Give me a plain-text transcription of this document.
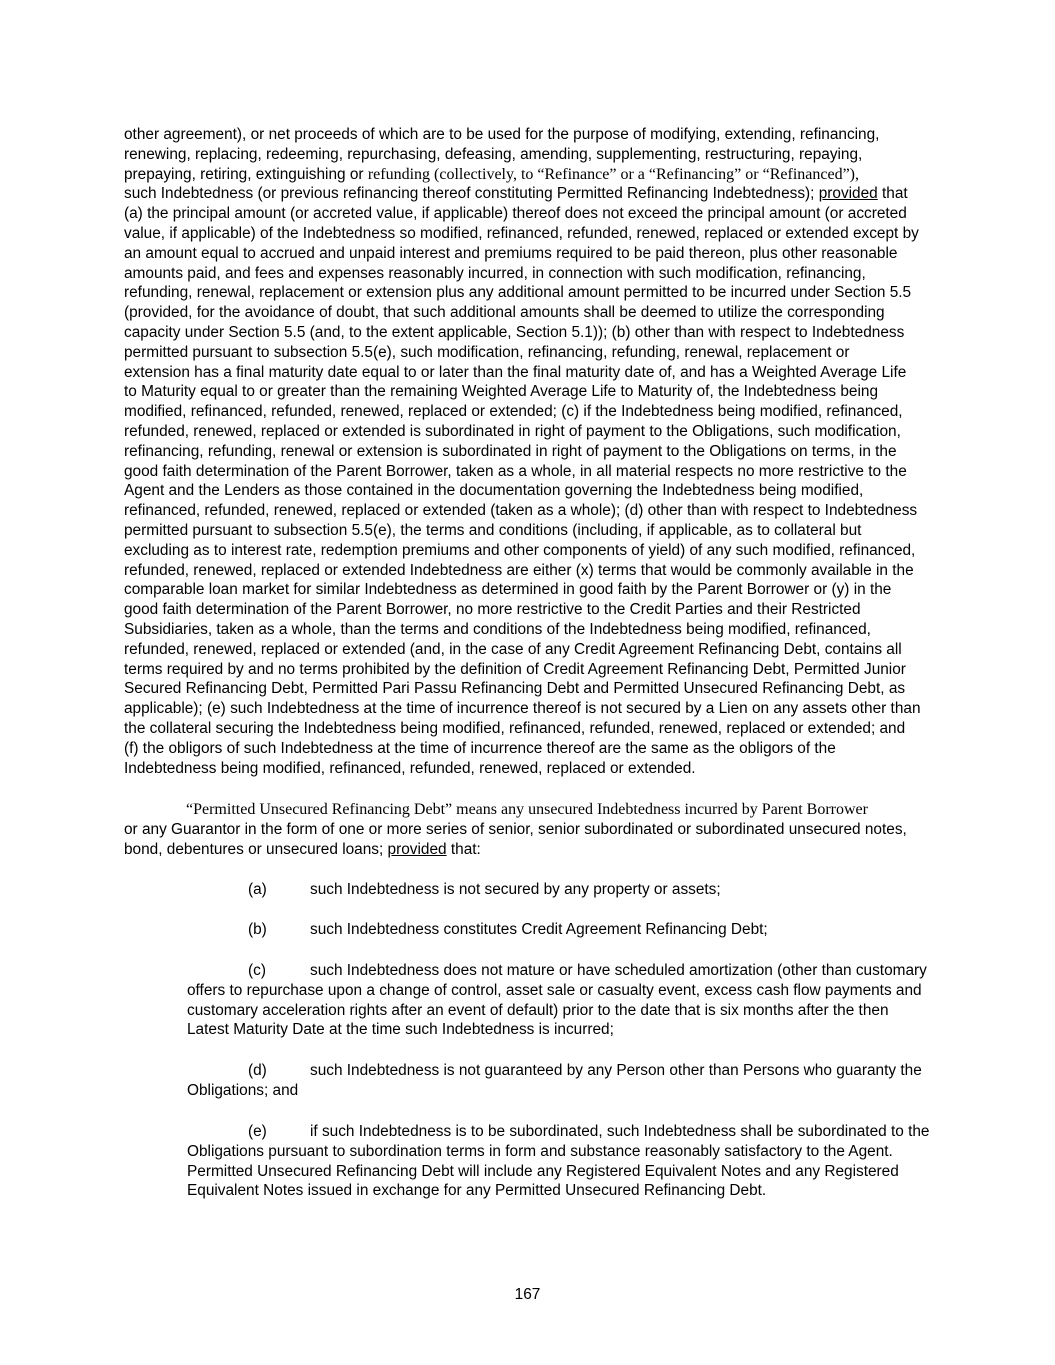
other agreement), or net proceeds of which are to be used for the purpose of modifying, extending, refinancing,
renewing, replacing, redeeming, repurchasing, defeasing, amending, supplementing, restructuring, repaying,
prepaying, retiring, extinguishing or refunding (collectively, to “Refinance” or a “Refinancing” or “Refinanced”),
such Indebtedness (or previous refinancing thereof constituting Permitted Refinancing Indebtedness); provided that
(a) the principal amount (or accreted value, if applicable) thereof does not exceed the principal amount (or accreted
value, if applicable) of the Indebtedness so modified, refinanced, refunded, renewed, replaced or extended except by
an amount equal to accrued and unpaid interest and premiums required to be paid thereon, plus other reasonable
amounts paid, and fees and expenses reasonably incurred, in connection with such modification, refinancing,
refunding, renewal, replacement or extension plus any additional amount permitted to be incurred under Section 5.5
(provided, for the avoidance of doubt, that such additional amounts shall be deemed to utilize the corresponding
capacity under Section 5.5 (and, to the extent applicable, Section 5.1)); (b) other than with respect to Indebtedness
permitted pursuant to subsection 5.5(e), such modification, refinancing, refunding, renewal, replacement or
extension has a final maturity date equal to or later than the final maturity date of, and has a Weighted Average Life
to Maturity equal to or greater than the remaining Weighted Average Life to Maturity of, the Indebtedness being
modified, refinanced, refunded, renewed, replaced or extended; (c) if the Indebtedness being modified, refinanced,
refunded, renewed, replaced or extended is subordinated in right of payment to the Obligations, such modification,
refinancing, refunding, renewal or extension is subordinated in right of payment to the Obligations on terms, in the
good faith determination of the Parent Borrower, taken as a whole, in all material respects no more restrictive to the
Agent and the Lenders as those contained in the documentation governing the Indebtedness being modified,
refinanced, refunded, renewed, replaced or extended (taken as a whole); (d) other than with respect to Indebtedness
permitted pursuant to subsection 5.5(e), the terms and conditions (including, if applicable, as to collateral but
excluding as to interest rate, redemption premiums and other components of yield) of any such modified, refinanced,
refunded, renewed, replaced or extended Indebtedness are either (x) terms that would be commonly available in the
comparable loan market for similar Indebtedness as determined in good faith by the Parent Borrower or (y) in the
good faith determination of the Parent Borrower, no more restrictive to the Credit Parties and their Restricted
Subsidiaries, taken as a whole, than the terms and conditions of the Indebtedness being modified, refinanced,
refunded, renewed, replaced or extended (and, in the case of any Credit Agreement Refinancing Debt, contains all
terms required by and no terms prohibited by the definition of Credit Agreement Refinancing Debt, Permitted Junior
Secured Refinancing Debt, Permitted Pari Passu Refinancing Debt and Permitted Unsecured Refinancing Debt, as
applicable); (e) such Indebtedness at the time of incurrence thereof is not secured by a Lien on any assets other than
the collateral securing the Indebtedness being modified, refinanced, refunded, renewed, replaced or extended; and
(f) the obligors of such Indebtedness at the time of incurrence thereof are the same as the obligors of the
Indebtedness being modified, refinanced, refunded, renewed, replaced or extended.
“Permitted Unsecured Refinancing Debt” means any unsecured Indebtedness incurred by Parent Borrower
or any Guarantor in the form of one or more series of senior, senior subordinated or subordinated unsecured notes,
bond, debentures or unsecured loans; provided that:
(a)	such Indebtedness is not secured by any property or assets;
(b)	such Indebtedness constitutes Credit Agreement Refinancing Debt;
(c)	such Indebtedness does not mature or have scheduled amortization (other than customary
offers to repurchase upon a change of control, asset sale or casualty event, excess cash flow payments and
customary acceleration rights after an event of default) prior to the date that is six months after the then
Latest Maturity Date at the time such Indebtedness is incurred;
(d)	such Indebtedness is not guaranteed by any Person other than Persons who guaranty the
Obligations; and
(e)	if such Indebtedness is to be subordinated, such Indebtedness shall be subordinated to the
Obligations pursuant to subordination terms in form and substance reasonably satisfactory to the Agent.
Permitted Unsecured Refinancing Debt will include any Registered Equivalent Notes and any Registered
Equivalent Notes issued in exchange for any Permitted Unsecured Refinancing Debt.
167
